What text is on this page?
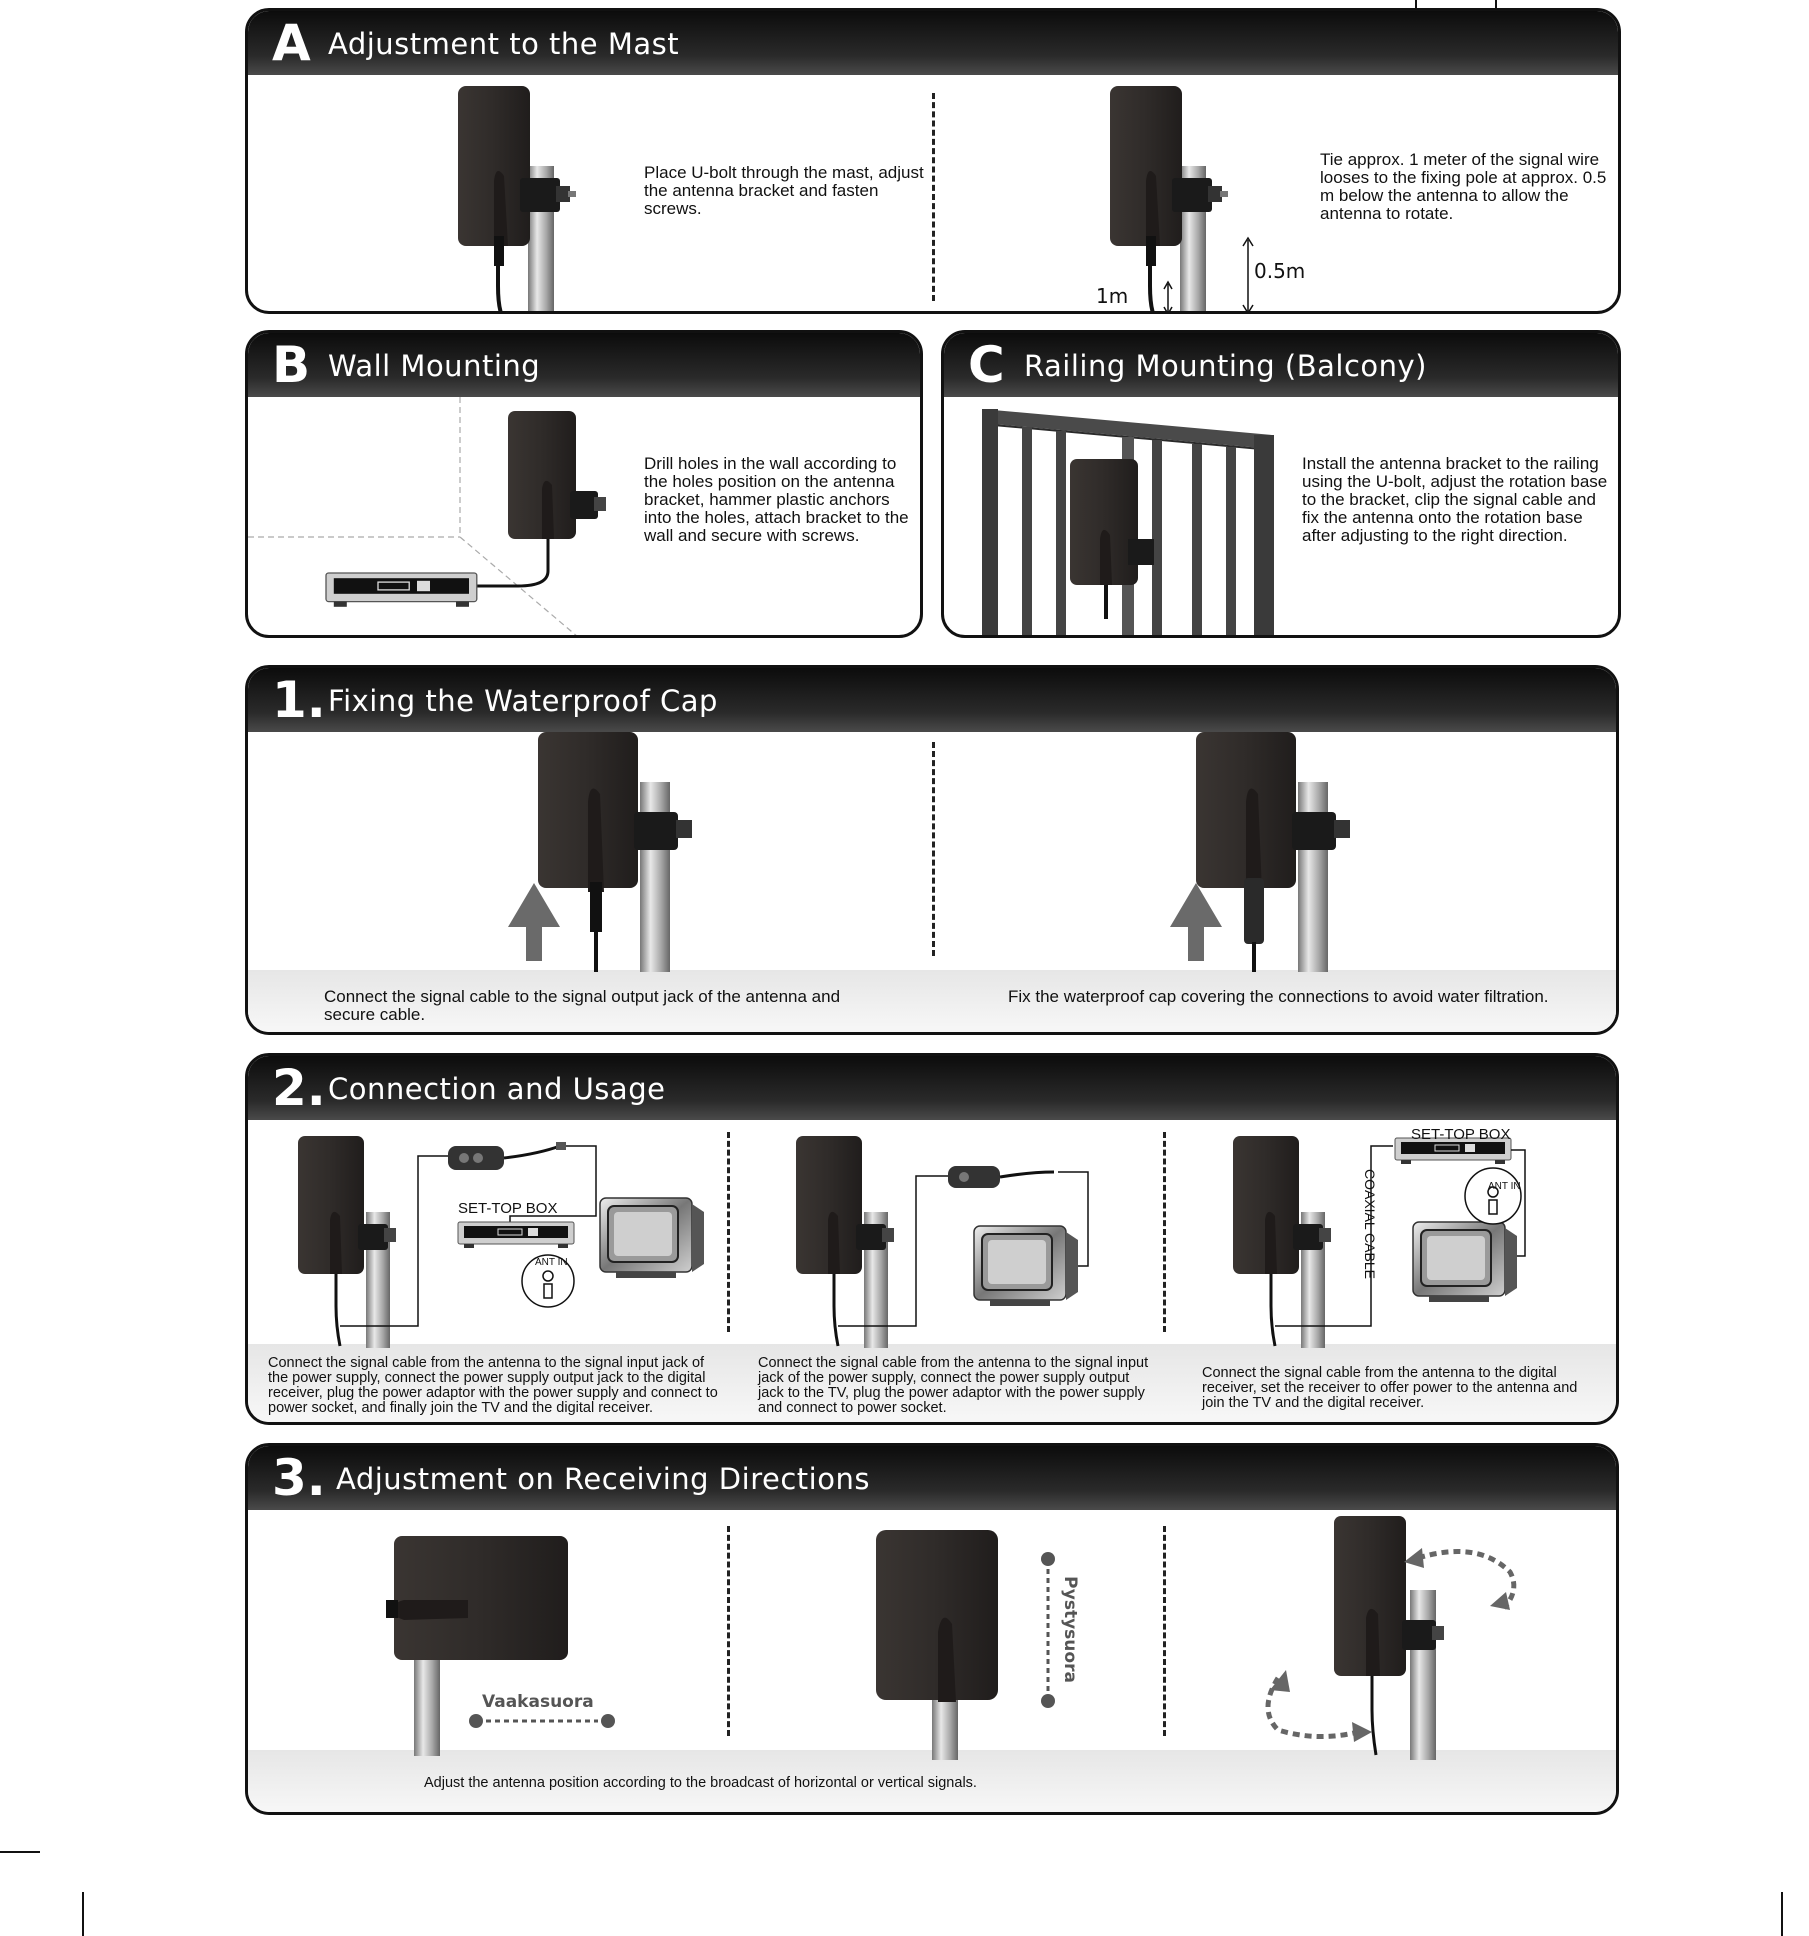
A Adjustment to the Mast
Place U-bolt through the mast, adjust the antenna bracket and fasten screws.
1m
0.5m
Tie approx. 1 meter of the signal wire looses to the fixing pole at approx. 0.5 m below the antenna to allow the antenna to rotate.
B Wall Mounting
Drill holes in the wall according to the holes position on the antenna bracket, hammer plastic anchors into the holes, attach bracket to the wall and secure with screws.
C Railing Mounting (Balcony)
Install the antenna bracket to the railing using the U-bolt, adjust the rotation base to the bracket, clip the signal cable and fix the antenna onto the rotation base after adjusting to the right direction.
1. Fixing the Waterproof Cap
Connect the signal cable to the signal output jack of the antenna and secure cable.
Fix the waterproof cap covering the connections to avoid water filtration.
2. Connection and Usage
SET-TOP BOX
ANT IN
SET-TOP BOX
ANT IN
COAXIAL CABLE
Connect the signal cable from the antenna to the signal input jack of the power supply, connect the power supply output jack to the digital receiver, plug the power adaptor with the power supply and connect to power socket, and finally join the TV and the digital receiver.
Connect the signal cable from the antenna to the signal input jack of the power supply, connect the power supply output jack to the TV, plug the power adaptor with the power supply and connect to power socket.
Connect the signal cable from the antenna to the digital receiver, set the receiver to offer power to the antenna and join the TV and the digital receiver.
3. Adjustment on Receiving Directions
Vaakasuora
Pystysuora
Adjust the antenna position according to the broadcast of horizontal or vertical signals.
